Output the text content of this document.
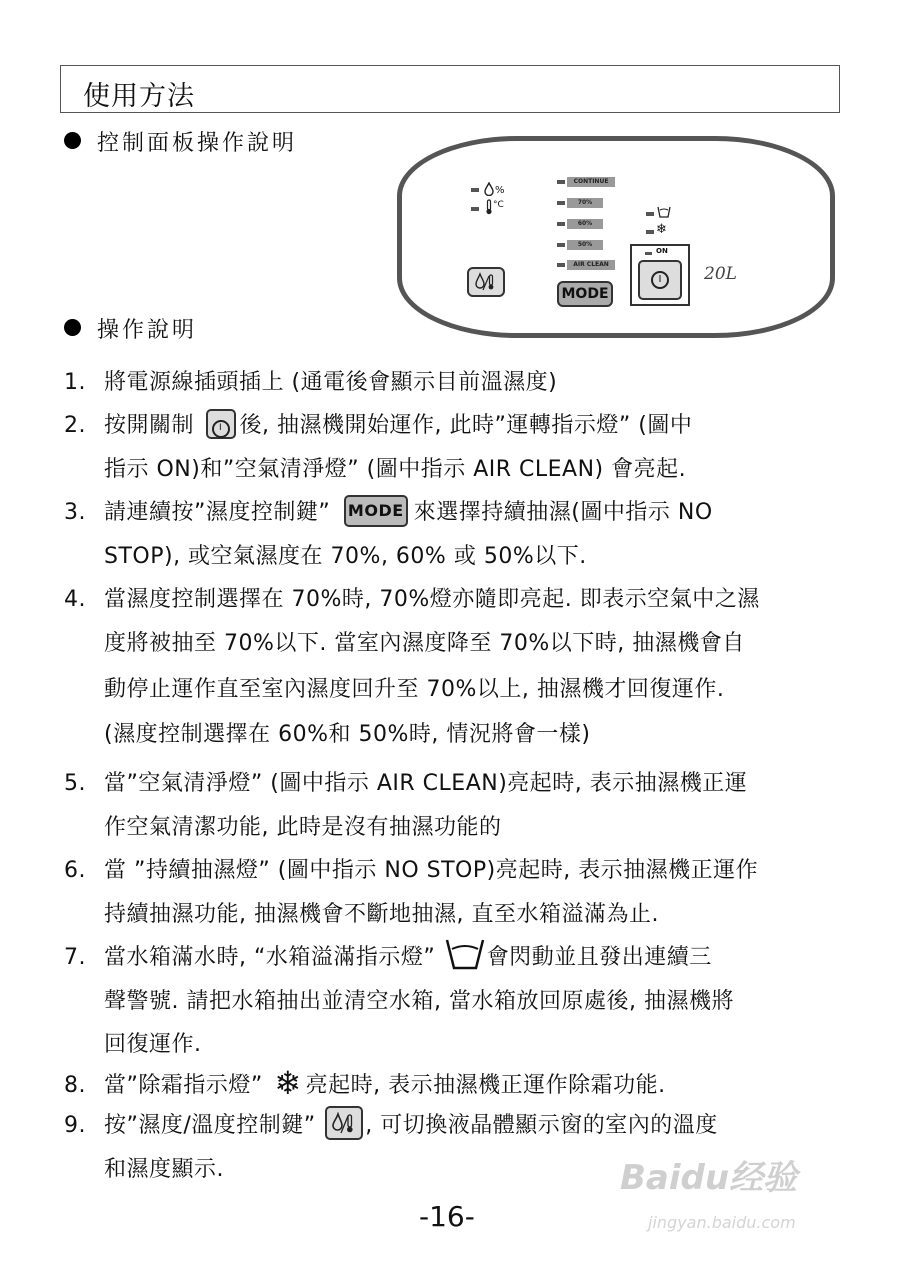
使用方法
控制面板操作說明
%
°C
CONTINUE
70%
60%
50%
AIR CLEAN
❄
ON
I	20L
MODE
操作說明
1. 將電源線插頭插上 (通電後會顯示目前溫濕度)
2. 按開關制	I 後, 抽濕機開始運作, 此時”運轉指示燈” (圖中
指示 ON)和”空氣清淨燈” (圖中指示 AIR CLEAN) 會亮起.
3. 請連續按”濕度控制鍵” MODE 來選擇持續抽濕(圖中指示 NO
STOP), 或空氣濕度在 70%, 60% 或 50%以下.
4. 當濕度控制選擇在 70%時, 70%燈亦隨即亮起. 即表示空氣中之濕
度將被抽至 70%以下. 當室內濕度降至 70%以下時, 抽濕機會自
動停止運作直至室內濕度回升至 70%以上, 抽濕機才回復運作.
(濕度控制選擇在 60%和 50%時, 情況將會一樣)
5. 當”空氣清淨燈” (圖中指示 AIR CLEAN)亮起時, 表示抽濕機正運
作空氣清潔功能, 此時是沒有抽濕功能的
6. 當 ”持續抽濕燈” (圖中指示 NO STOP)亮起時, 表示抽濕機正運作
持續抽濕功能, 抽濕機會不斷地抽濕, 直至水箱溢滿為止.
7. 當水箱滿水時, “水箱溢滿指示燈” 會閃動並且發出連續三
聲警號. 請把水箱抽出並清空水箱, 當水箱放回原處後, 抽濕機將
回復運作.
8. 當”除霜指示燈” ❄ 亮起時, 表示抽濕機正運作除霜功能.
9. 按”濕度/溫度控制鍵” , 可切換液晶體顯示窗的室內的溫度
和濕度顯示.	Baidu经验
jingyan.baidu.com
-16-
